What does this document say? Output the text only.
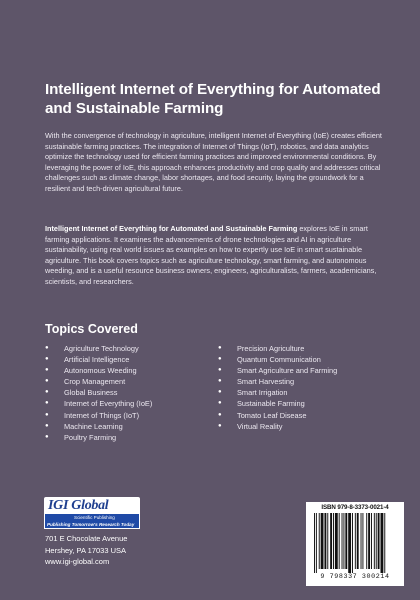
Intelligent Internet of Everything for Automated and Sustainable Farming

With the convergence of technology in agriculture, intelligent Internet of Everything (IoE) creates efficient sustainable farming practices. The integration of Internet of Things (IoT), robotics, and data analytics optimize the technology used for efficient farming practices and improved environmental conditions. By leveraging the power of IoE, this approach enhances productivity and crop quality and addresses critical challenges such as climate change, labor shortages, and food security, laying the groundwork for a resilient and tech-driven agricultural future.

Intelligent Internet of Everything for Automated and Sustainable Farming explores IoE in smart farming applications. It examines the advancements of drone technologies and AI in agriculture sustainability, using real world issues as examples on how to expertly use IoE in smart sustainable agriculture. This book covers topics such as agriculture technology, smart farming, and autonomous weeding, and is a useful resource business owners, engineers, agriculturalists, farmers, academicians, scientists, and researchers.

Topics Covered
● Agriculture Technology
● Artificial Intelligence
● Autonomous Weeding
● Crop Management
● Global Business
● Internet of Everything (IoE)
● Internet of Things (IoT)
● Machine Learning
● Poultry Farming
● Precision Agriculture
● Quantum Communication
● Smart Agriculture and Farming
● Smart Harvesting
● Smart Irrigation
● Sustainable Farming
● Tomato Leaf Disease
● Virtual Reality
IGI Global
Scientific Publishing
Publishing Tomorrow's Research Today
701 E Chocolate Avenue
Hershey, PA 17033 USA
www.igi-global.com
ISBN 979-8-3373-0021-4
9 798337 300214
